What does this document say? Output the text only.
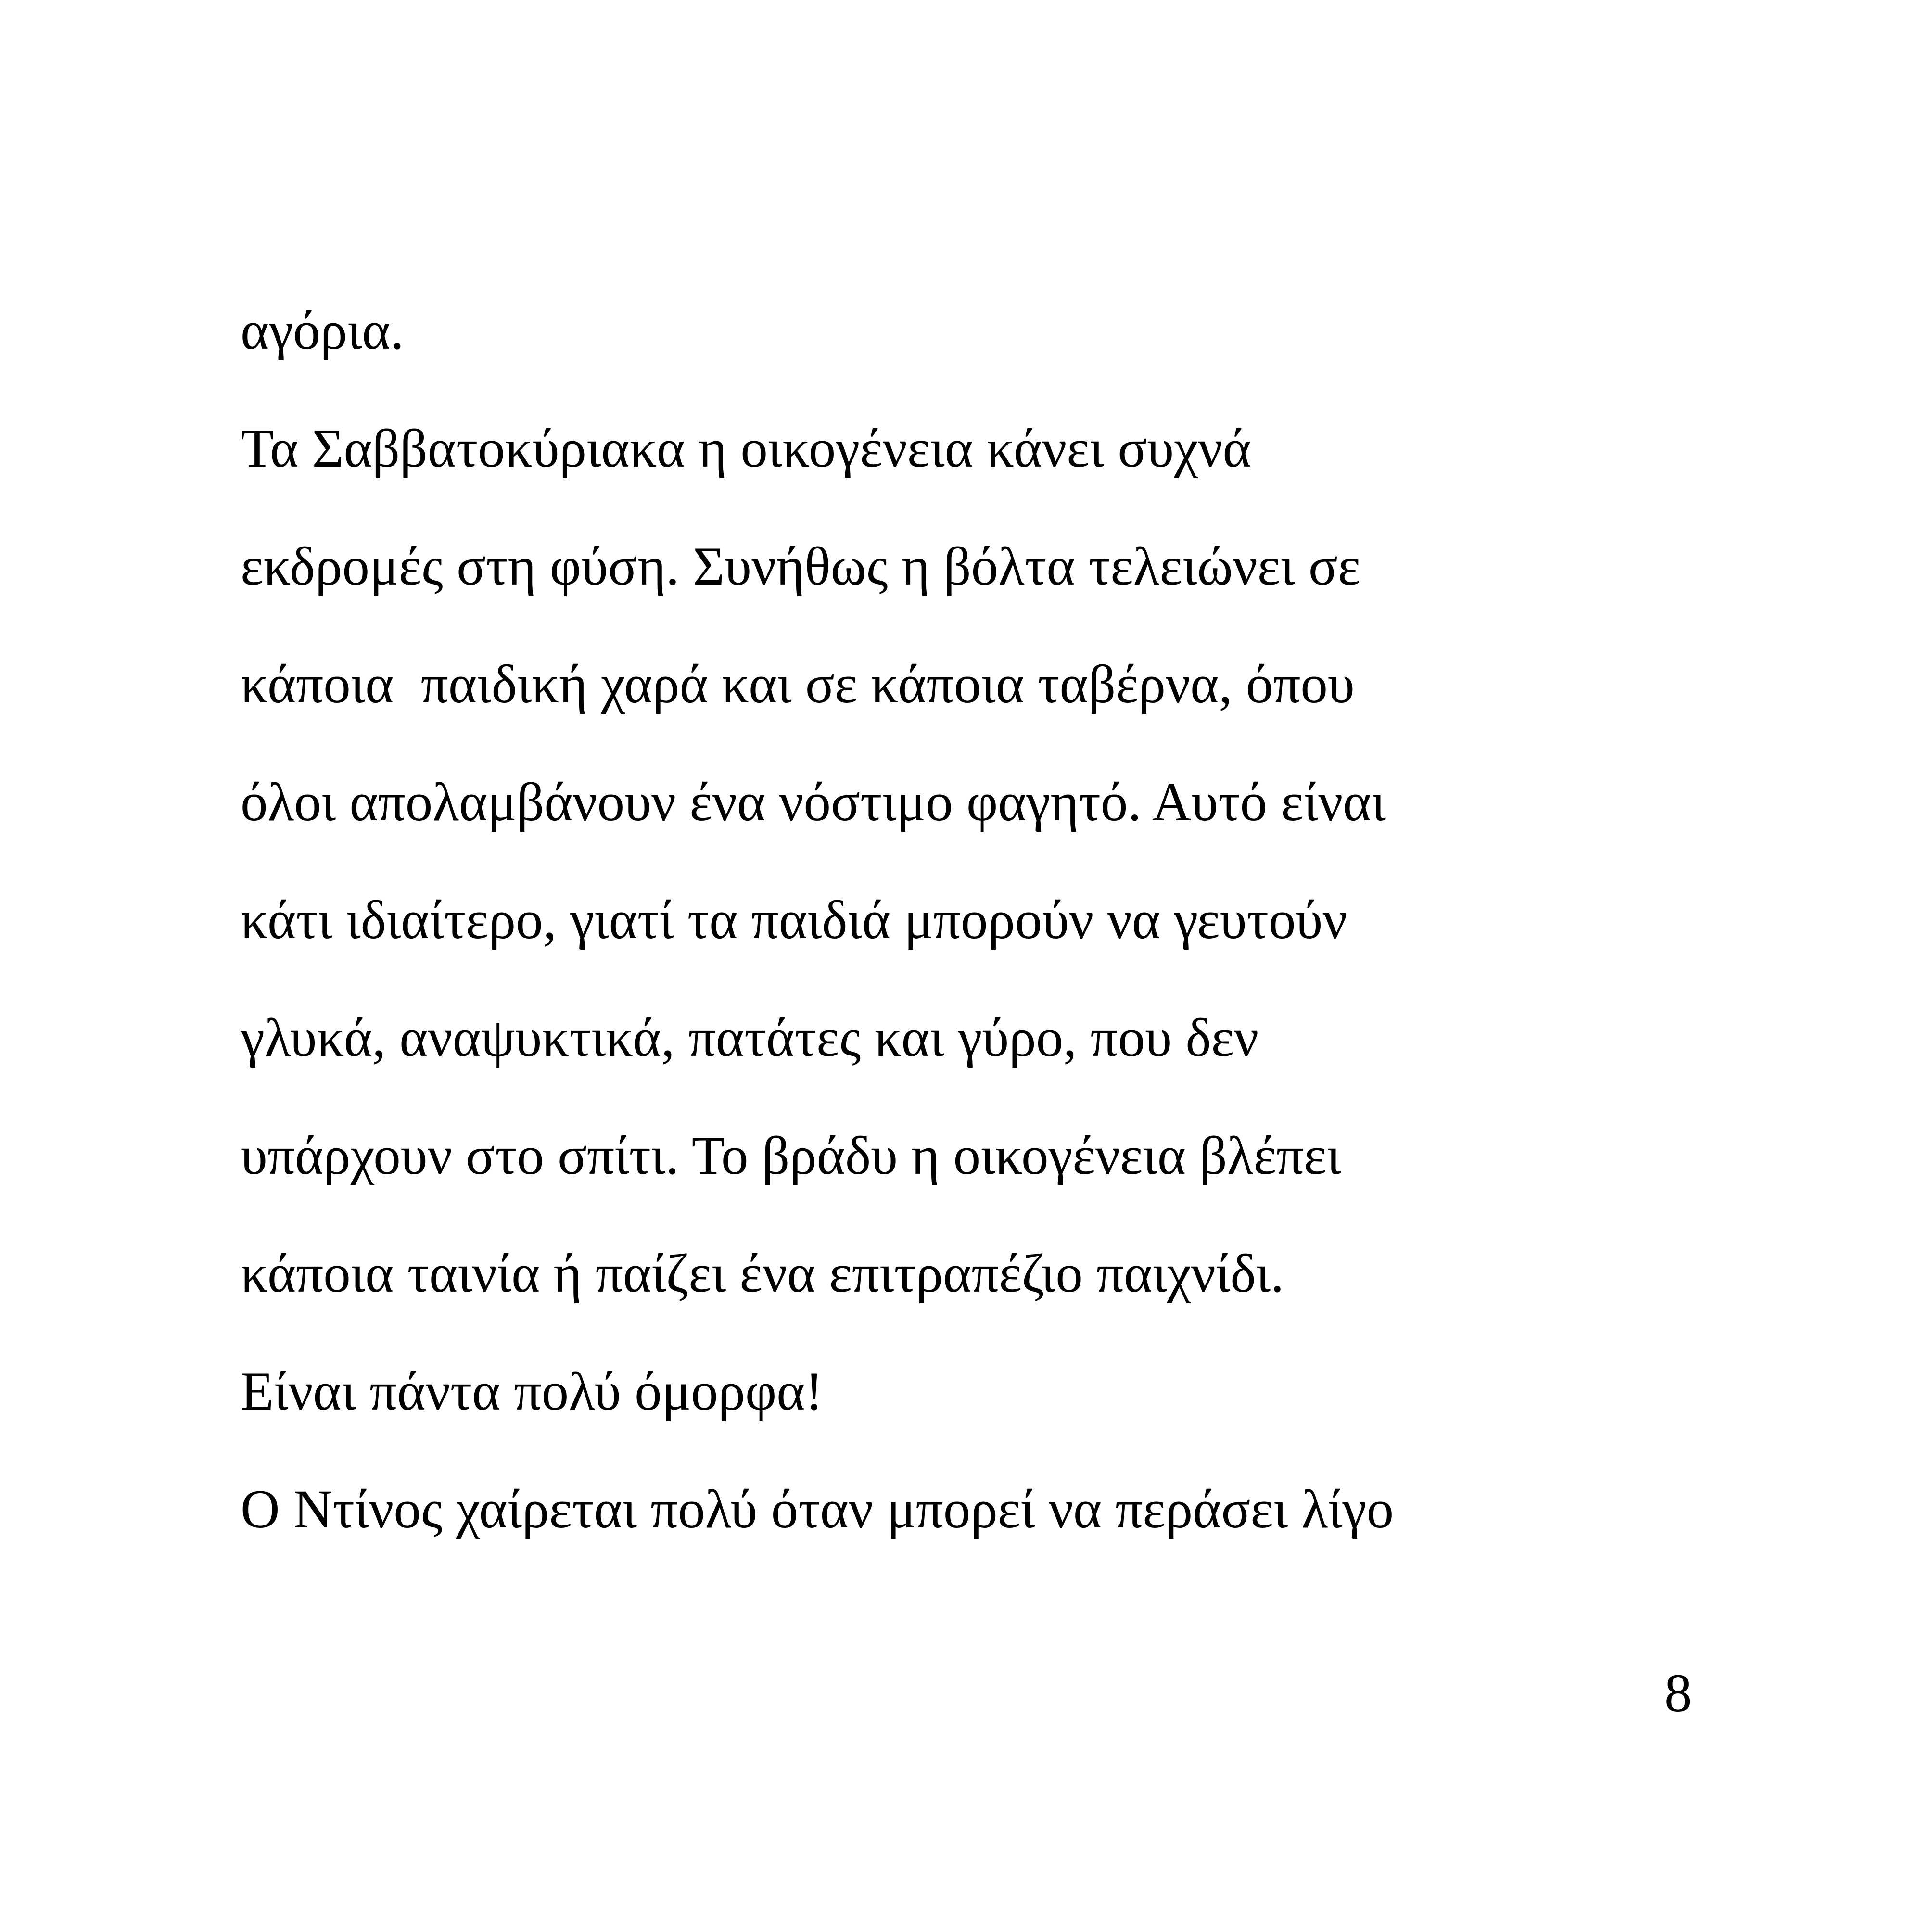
αγόρια.
Τα Σαββατοκύριακα η οικογένεια κάνει συχνά
εκδρομές στη φύση. Συνήθως η βόλτα τελειώνει σε
κάποια  παιδική χαρά και σε κάποια ταβέρνα, όπου
όλοι απολαμβάνουν ένα νόστιμο φαγητό. Αυτό είναι
κάτι ιδιαίτερο, γιατί τα παιδιά μπορούν να γευτούν
γλυκά, αναψυκτικά, πατάτες και γύρο, που δεν
υπάρχουν στο σπίτι. Το βράδυ η οικογένεια βλέπει
κάποια ταινία ή παίζει ένα επιτραπέζιο παιχνίδι.
Είναι πάντα πολύ όμορφα!
Ο Ντίνος χαίρεται πολύ όταν μπορεί να περάσει λίγο
8
